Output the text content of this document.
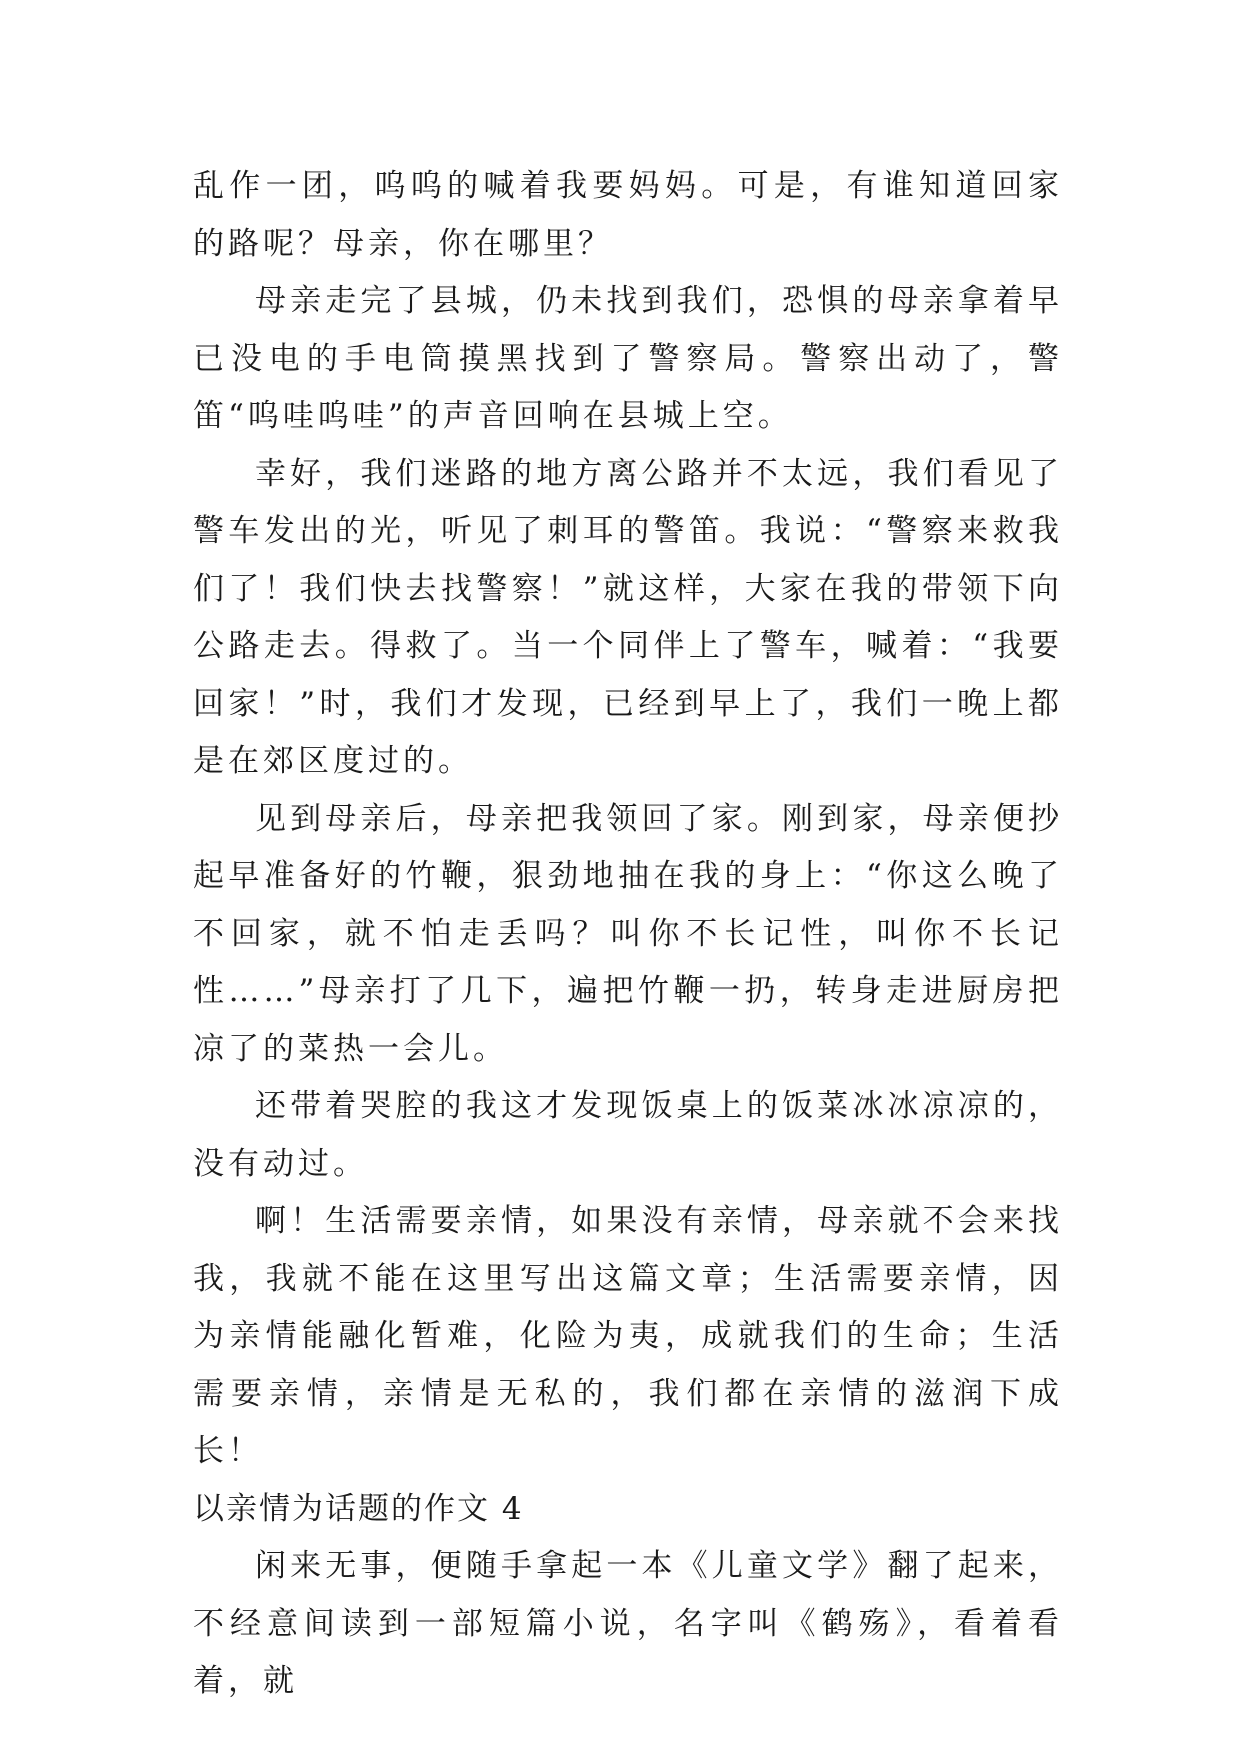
乱作一团，呜呜的喊着我要妈妈。可是，有谁知道回家的路呢？母亲，你在哪里？

母亲走完了县城，仍未找到我们，恐惧的母亲拿着早已没电的手电筒摸黑找到了警察局。警察出动了，警笛“呜哇呜哇”的声音回响在县城上空。

幸好，我们迷路的地方离公路并不太远，我们看见了警车发出的光，听见了刺耳的警笛。我说：“警察来救我们了！我们快去找警察！”就这样，大家在我的带领下向公路走去。得救了。当一个同伴上了警车，喊着：“我要回家！”时，我们才发现，已经到早上了，我们一晚上都是在郊区度过的。

见到母亲后，母亲把我领回了家。刚到家，母亲便抄起早准备好的竹鞭，狠劲地抽在我的身上：“你这么晚了不回家，就不怕走丢吗？叫你不长记性，叫你不长记性……”母亲打了几下，遍把竹鞭一扔，转身走进厨房把凉了的菜热一会儿。

还带着哭腔的我这才发现饭桌上的饭菜冰冰凉凉的，没有动过。

啊！生活需要亲情，如果没有亲情，母亲就不会来找我，我就不能在这里写出这篇文章；生活需要亲情，因为亲情能融化暂难，化险为夷，成就我们的生命；生活需要亲情，亲情是无私的，我们都在亲情的滋润下成长！

以亲情为话题的作文 4

闲来无事，便随手拿起一本《儿童文学》翻了起来，不经意间读到一部短篇小说，名字叫《鹤殇》，看着看着，就
